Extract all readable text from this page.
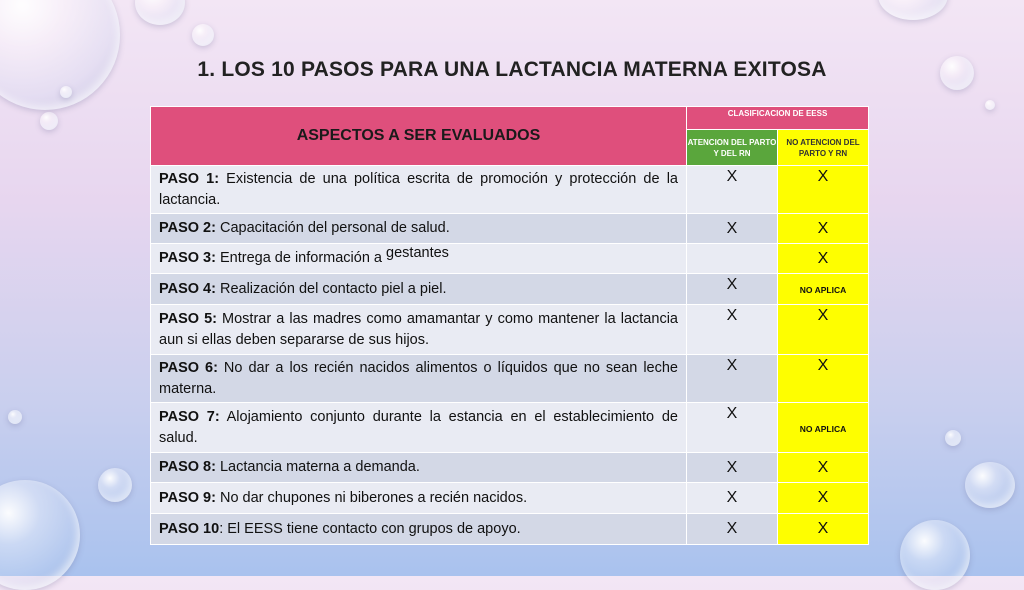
1. LOS 10 PASOS PARA UNA LACTANCIA MATERNA EXITOSA
ASPECTOS A SER EVALUADOS	CLASIFICACION DE EESS	
	ATENCION DEL PARTO Y DEL RN	NO ATENCION DEL PARTO Y RN
PASO 1: Existencia de una política escrita de promoción y protección de la lactancia.	X	X
PASO 2: Capacitación del personal de salud.	X	X
PASO 3: Entrega de información a gestantes		X
PASO 4: Realización del contacto piel a piel.	X	NO APLICA
PASO 5: Mostrar a las madres como amamantar y como mantener la lactancia aun si ellas deben separarse de sus hijos.	X	X
PASO 6: No dar a los recién nacidos alimentos o líquidos que no sean leche materna.	X	X
PASO 7: Alojamiento conjunto durante la estancia en el establecimiento de salud.	X	NO APLICA
PASO 8: Lactancia materna a demanda.	X	X
PASO 9: No dar chupones ni biberones a recién nacidos.	X	X
PASO 10: El EESS tiene contacto con grupos de apoyo.	X	X
